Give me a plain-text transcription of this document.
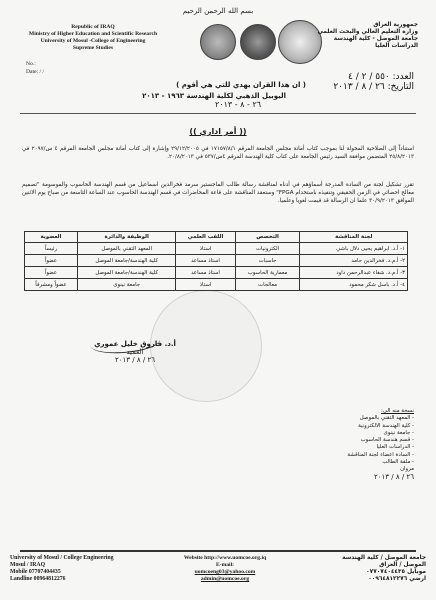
بسم الله الرحمن الرحيم
Republic of IRAQ
Ministry of Higher Education and Scientific Research
University of Mosul -College of Engineering
Supreme Studies
No.:
Date: / /
جمهورية العراق
وزارة التعليم العالي والبحث العلمي
جامعة الموصل - كلية الهندسة
الدراسات العليا
العدد: ٥٥٠ / ٢ / ٤
التاريخ: ٢٦ / ٨ / ٢٠١٣
( ان هذا القران يهدي للتي هي أقوم )
اليوبيل الذهبي لكلية الهندسة ١٩٦٣ - ٢٠١٣
٢٦ - ٨ - ٢٠١٣
(( أمر اداري ))
استناداً إلى الصلاحية المخولة لنا بموجب كتاب أمانة مجلس الجامعة المرقم ١٧١٥٧/٨/١ في ٢٩/١٢/٢٠٠٥ وإشارة إلى كتاب أمانة مجلس الجامعة المرقم ٤ س/٢٠٩٧ في ٢٥/٨/٢٠١٣ المتضمن موافقة السيد رئيس الجامعة على كتاب كلية الهندسة المرقم ٤س/٥٣٧ في ٢٠/٨/٢٠١٣.
تقرر تشكيل لجنة من السادة المدرجة أسماؤهم في أدناه لمناقشة رسالة طالب الماجستير سرمد فخرالدين اسماعيل من قسم الهندسة الحاسوب والموسومة "تصميم معالج احصائي في الزمن الحقيقي وتنفيذه باستخدام FPGA" وستعقد المناقشة على قاعة المحاضرات في قسم الهندسة الحاسوب عند الساعة التاسعة من صباح يوم الاثنين الموافق ٣٠/٩/٢٠١٣ علما ان الرسالة قد قيمت لغويا وعلميا.
لجنة المناقشة	التخصص	اللقب العلمي	الوظيفة والدائرة	العضوية
١- أ.د. ابراهيم يحيى دلال باشي	الكترونيات	استاذ	المعهد التقني بالموصل	رئيساً
٢- أ.م.د. فخرالدين حامد	حاسبات	استاذ مساعد	كلية الهندسة/جامعة الموصل	عضواً
٣- أ.م.د. شفاء عبدالرحمن داود	معمارية الحاسوب	استاذ مساعد	كلية الهندسة/جامعة الموصل	عضواً
٤- أ.د. باسل شكر محمود	معالجات	استاذ	جامعة نينوى	عضواً ومشرفاً
أ.د. فاروق خليل عموري
العميد
٢٦ / ٨ / ٢٠١٣
نسخة منه الى:
- المعهد التقني بالموصل
- كلية الهندسة الالكترونية
- جامعة نينوى
- قسم هندسة الحاسوب
- الدراسات العليا
- السادة اعضاء لجنة المناقشة
- ملفة الطالب
مروان
٢٦ / ٨ / ٢٠١٣
University of Mosul / College Engineering
Mosul / IRAQ
Mobile 07707404435
Landline 00964812276
Website http://www.uomcoe.org.iq
E-mail:
uomcoeng03@yahoo.com
admin@uomcoe.org
جامعة الموصل / كلية الهندسة
الموصل / العراق
موبايل ٠٧٧٠٧٤٠٤٤٣٥
ارضي ٠٠٩٦٤٨١٢٢٧٦
